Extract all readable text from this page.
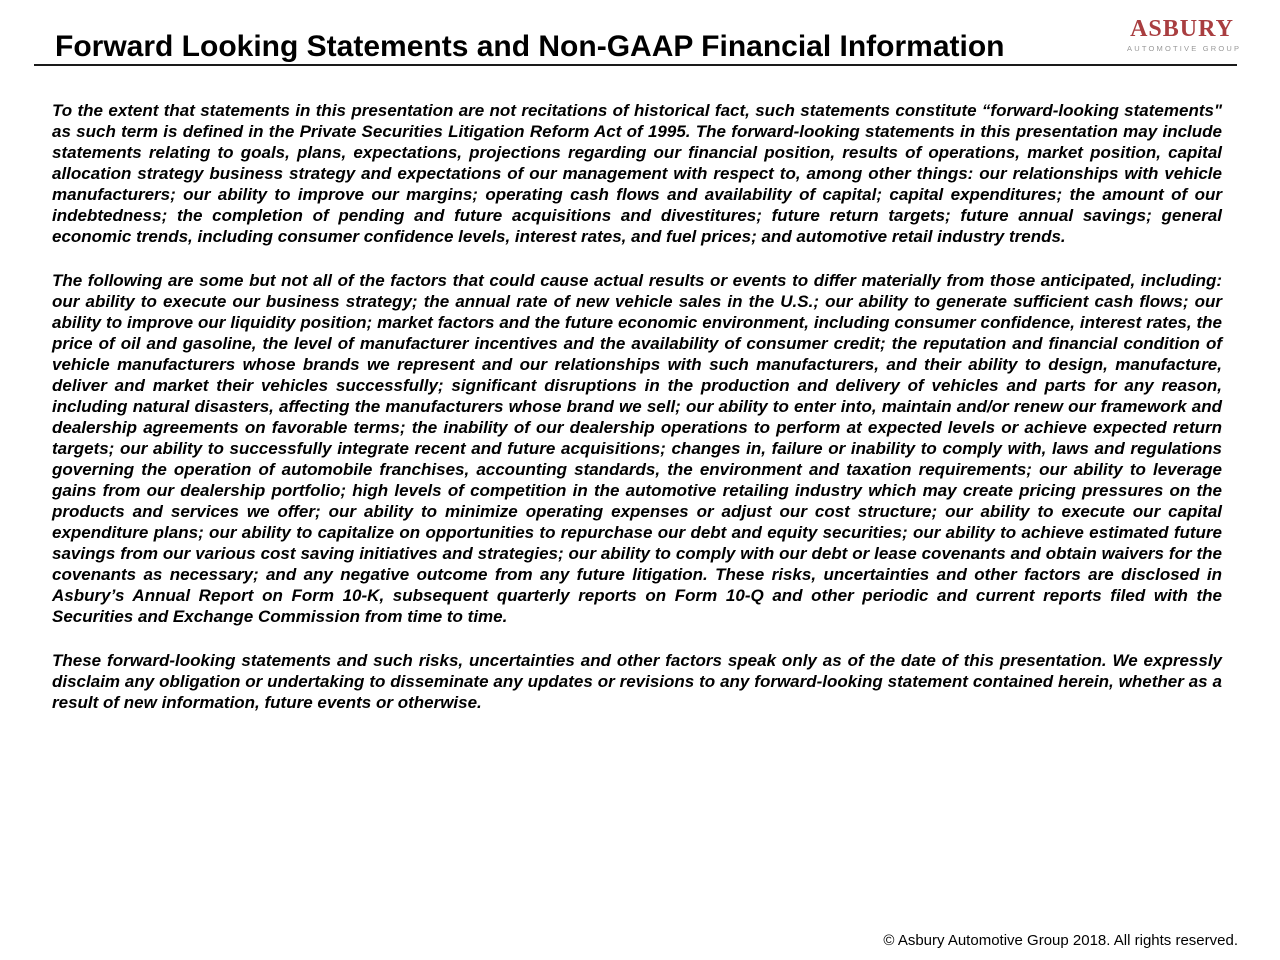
Forward Looking Statements and Non-GAAP Financial Information
ASBURY
AUTOMOTIVE GROUP

To the extent that statements in this presentation are not recitations of historical fact, such statements constitute “forward-looking statements" as such term is defined in the Private Securities Litigation Reform Act of 1995. The forward-looking statements in this presentation may include statements relating to goals, plans, expectations, projections regarding our financial position, results of operations, market position, capital allocation strategy business strategy and expectations of our management with respect to, among other things: our relationships with vehicle manufacturers; our ability to improve our margins; operating cash flows and availability of capital; capital expenditures; the amount of our indebtedness; the completion of pending and future acquisitions and divestitures; future return targets; future annual savings; general economic trends, including consumer confidence levels, interest rates, and fuel prices; and automotive retail industry trends.

The following are some but not all of the factors that could cause actual results or events to differ materially from those anticipated, including: our ability to execute our business strategy; the annual rate of new vehicle sales in the U.S.; our ability to generate sufficient cash flows; our ability to improve our liquidity position; market factors and the future economic environment, including consumer confidence, interest rates, the price of oil and gasoline, the level of manufacturer incentives and the availability of consumer credit; the reputation and financial condition of vehicle manufacturers whose brands we represent and our relationships with such manufacturers, and their ability to design, manufacture, deliver and market their vehicles successfully; significant disruptions in the production and delivery of vehicles and parts for any reason, including natural disasters, affecting the manufacturers whose brand we sell; our ability to enter into, maintain and/or renew our framework and dealership agreements on favorable terms; the inability of our dealership operations to perform at expected levels or achieve expected return targets; our ability to successfully integrate recent and future acquisitions; changes in, failure or inability to comply with, laws and regulations governing the operation of automobile franchises, accounting standards, the environment and taxation requirements; our ability to leverage gains from our dealership portfolio; high levels of competition in the automotive retailing industry which may create pricing pressures on the products and services we offer; our ability to minimize operating expenses or adjust our cost structure; our ability to execute our capital expenditure plans; our ability to capitalize on opportunities to repurchase our debt and equity securities; our ability to achieve estimated future savings from our various cost saving initiatives and strategies; our ability to comply with our debt or lease covenants and obtain waivers for the covenants as necessary; and any negative outcome from any future litigation. These risks, uncertainties and other factors are disclosed in Asbury’s Annual Report on Form 10-K, subsequent quarterly reports on Form 10-Q and other periodic and current reports filed with the Securities and Exchange Commission from time to time.

These forward-looking statements and such risks, uncertainties and other factors speak only as of the date of this presentation. We expressly disclaim any obligation or undertaking to disseminate any updates or revisions to any forward-looking statement contained herein, whether as a result of new information, future events or otherwise.

© Asbury Automotive Group 2018. All rights reserved.
